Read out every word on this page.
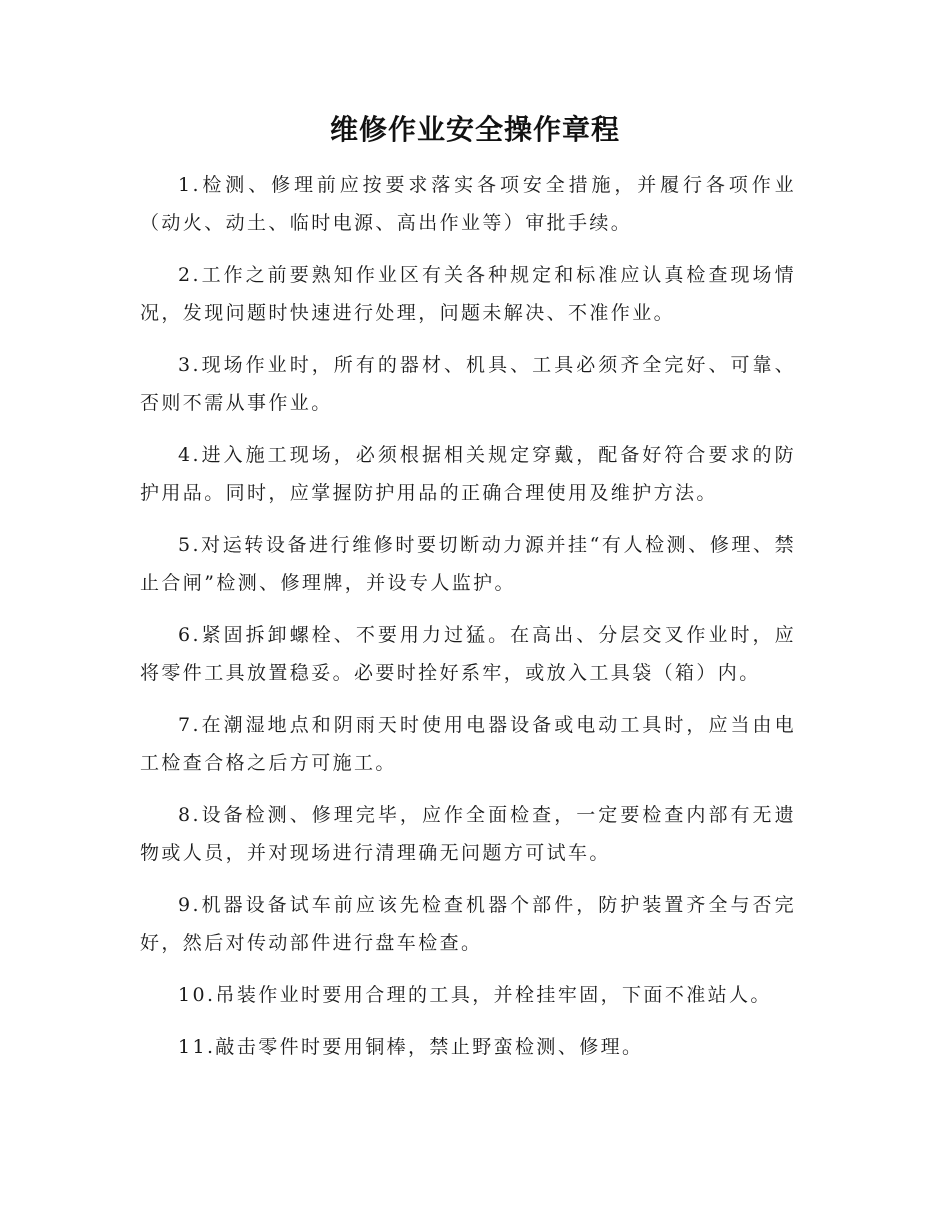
维修作业安全操作章程

1.检测、修理前应按要求落实各项安全措施，并履行各项作业（动火、动土、临时电源、高出作业等）审批手续。

2.工作之前要熟知作业区有关各种规定和标准应认真检查现场情况，发现问题时快速进行处理，问题未解决、不准作业。

3.现场作业时，所有的器材、机具、工具必须齐全完好、可靠、否则不需从事作业。

4.进入施工现场，必须根据相关规定穿戴，配备好符合要求的防护用品。同时，应掌握防护用品的正确合理使用及维护方法。

5.对运转设备进行维修时要切断动力源并挂“有人检测、修理、禁止合闸”检测、修理牌，并设专人监护。

6.紧固拆卸螺栓、不要用力过猛。在高出、分层交叉作业时，应将零件工具放置稳妥。必要时拴好系牢，或放入工具袋（箱）内。

7.在潮湿地点和阴雨天时使用电器设备或电动工具时，应当由电工检查合格之后方可施工。

8.设备检测、修理完毕，应作全面检查，一定要检查内部有无遗物或人员，并对现场进行清理确无问题方可试车。

9.机器设备试车前应该先检查机器个部件，防护装置齐全与否完好，然后对传动部件进行盘车检查。

10.吊装作业时要用合理的工具，并栓挂牢固，下面不准站人。

11.敲击零件时要用铜棒，禁止野蛮检测、修理。
